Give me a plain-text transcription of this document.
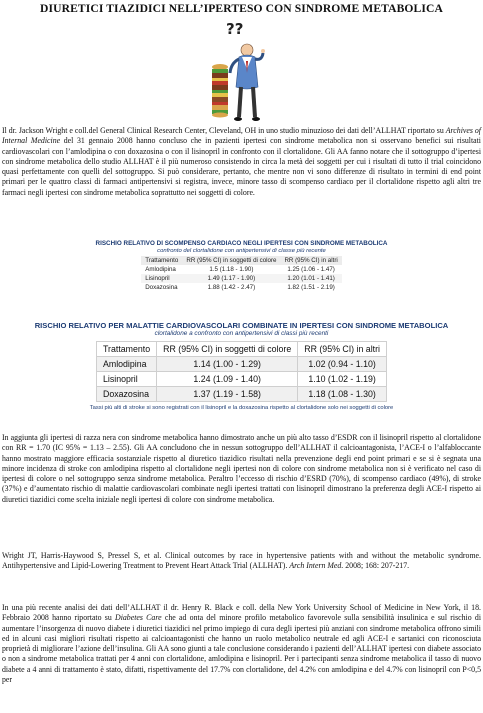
DIURETICI TIAZIDICI NELL’IPERTESO CON SINDROME METABOLICA
??

Il dr. Jackson Wright e coll.del General Clinical Research Center, Cleveland, OH in uno studio minuzioso dei dati dell’ALLHAT riportato su Archives of Internal Medicine del 31 gennaio 2008 hanno concluso che in pazienti ipertesi con sindrome metabolica non si osservano benefici sui risultati cardiovascolari con l’amlodipina o con doxazosina o con il lisinopril in confronto con il clortalidone. Gli AA fanno notare che il sottogruppo d’ipertesi con sindrome metabolica dello studio ALLHAT è il più numeroso consistendo in circa la metà dei soggetti per cui i risultati di tutto il trial coincidono quasi perfettamente con quelli del sottogruppo. Si può considerare, pertanto, che mentre non vi sono differenze di risultato in termini di end point primari per le quattro classi di farmaci antipertensivi si registra, invece, minore tasso di scompenso cardiaco per il clortalidone rispetto agli altri tre farmaci negli ipertesi con sindrome metabolica soprattutto nei soggetti di colore.

RISCHIO RELATIVO DI SCOMPENSO CARDIACO NEGLI IPERTESI CON SINDROME METABOLICA
confronto del clortalidone con antipertensivi di classe più recente
Trattamento	RR (95% CI) in soggetti di colore	RR (95% CI) in altri
Amlodipina	1.5 (1.18 - 1.90)	1.25 (1.06 - 1.47)
Lisinopril	1.49 (1.17 - 1.90)	1.20 (1.01 - 1.41)
Doxazosina	1.88 (1.42 - 2.47)	1.82 (1.51 - 2.19)
RISCHIO RELATIVO PER MALATTIE CARDIOVASCOLARI COMBINATE IN IPERTESI CON SINDROME METABOLICA
clortalidone a confronto con antipertensivi di classi più recenti
Trattamento	RR (95% CI) in soggetti di colore	RR (95% CI) in altri
Amlodipina	1.14 (1.00 - 1.29)	1.02 (0.94 - 1.10)
Lisinopril	1.24 (1.09 - 1.40)	1.10 (1.02 - 1.19)
Doxazosina	1.37 (1.19 - 1.58)	1.18 (1.08 - 1.30)
Tassi più alti di stroke si sono registrati con il lisinopril e la doxazosina rispetto al clortalidone solo nei soggetti di colore

In aggiunta gli ipertesi di razza nera con sindrome metabolica hanno dimostrato anche un più alto tasso d’ESDR con il lisinopril rispetto al clortalidone con RR = 1.70 (IC 95% = 1.13 – 2.55). Gli AA concludono che in nessun sottogruppo dell’ALLHAT il calcioantagonista, l’ACE-I o l’alfabloccante hanno mostrato maggiore efficacia sostanziale rispetto al diuretico tiazidico risultati nella prevenzione degli end point primari e se si è segnata una minore incidenza di stroke con amlodipina rispetto al clortalidone negli ipertesi non di colore con sindrome metabolica non si è verificato nel caso di ipertesi di colore o nel sottogruppo senza sindrome metabolica. Peraltro l’eccesso di rischio d’ESRD (70%), di scompenso cardiaco (49%), di stroke (37%) e d’aumentato rischio di malattie cardiovascolari combinate negli ipertesi trattati con lisinopril dimostrano la preferenza degli ACE-I rispetto ai diuretici tiazidici come scelta iniziale negli ipertesi di colore con sindrome metabolica.

Wright JT, Harris-Haywood S, Pressel S, et al. Clinical outcomes by race in hypertensive patients with and without the metabolic syndrome. Antihypertensive and Lipid-Lowering Treatment to Prevent Heart Attack Trial (ALLHAT). Arch Intern Med. 2008; 168: 207-217.

In una più recente analisi dei dati dell’ALLHAT il dr. Henry R. Black e coll. della New York University School of Medicine in New York, il 18. Febbraio 2008 hanno riportato su Diabetes Care che ad onta del minore profilo metabolico favorevole sulla sensibilità insulinica e sul rischio di aumentare l’insorgenza di nuovo diabete i diuretici tiazidici nel primo impiego di cura degli ipertesi più anziani con sindrome metabolica offrono simili ed in alcuni casi migliori risultati rispetto ai calcioantagonisti che hanno un ruolo metabolico neutrale ed agli ACE-I e sartanici con riconosciuta proprietà di migliorare l’azione dell’insulina. Gli AA sono giunti a tale conclusione considerando i pazienti dell’ALLHAT ipertesi con diabete associato o non a sindrome metabolica trattati per 4 anni con clortalidone, amlodipina e lisinopril. Per i partecipanti senza sindrome metabolica il tasso di nuovo diabete a 4 anni di trattamento è stato, difatti, rispettivamente del 17.7% con clortalidone, del 4.2% con amlodipina e del 4.7% con lisinopril con P<0,5 per
